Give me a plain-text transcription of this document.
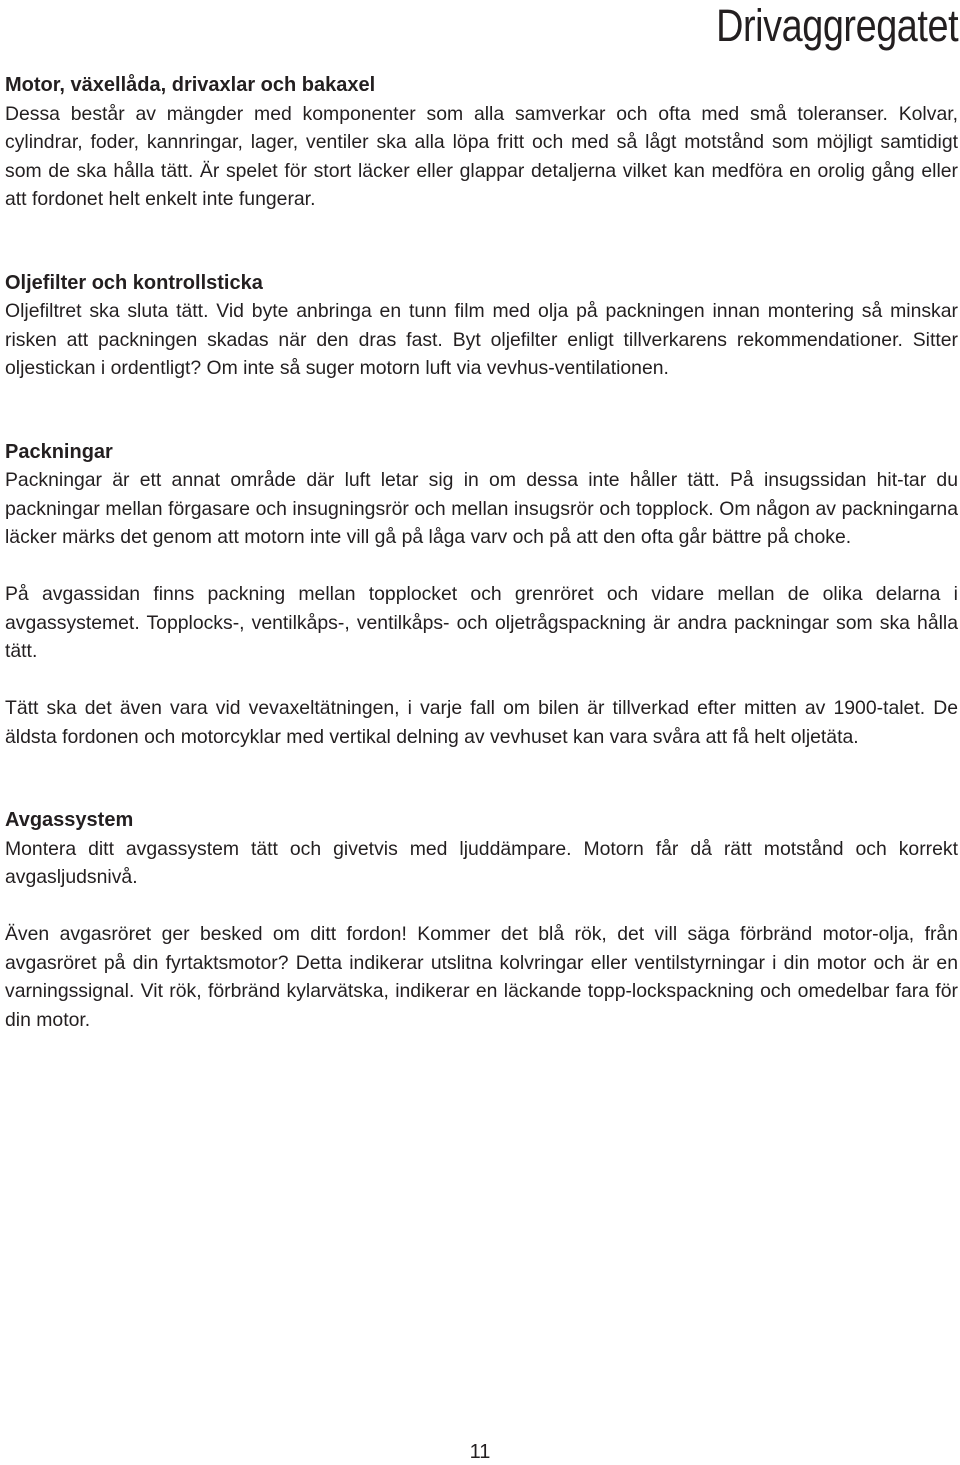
Drivaggregatet
Motor, växellåda, drivaxlar och bakaxel

Dessa består av mängder med komponenter som alla samverkar och ofta med små toleranser. Kolvar, cylindrar, foder, kannringar, lager, ventiler ska alla löpa fritt och med så lågt motstånd som möjligt samtidigt som de ska hålla tätt. Är spelet för stort läcker eller glappar detaljerna vilket kan medföra en orolig gång eller att fordonet helt enkelt inte fungerar.

Oljefilter och kontrollsticka

Oljefiltret ska sluta tätt. Vid byte anbringa en tunn film med olja på packningen innan montering så minskar risken att packningen skadas när den dras fast. Byt oljefilter enligt tillverkarens rekommendationer. Sitter oljestickan i ordentligt? Om inte så suger motorn luft via vevhus-ventilationen.

Packningar

Packningar är ett annat område där luft letar sig in om dessa inte håller tätt. På insugssidan hit-tar du packningar mellan förgasare och insugningsrör och mellan insugsrör och topplock. Om någon av packningarna läcker märks det genom att motorn inte vill gå på låga varv och på att den ofta går bättre på choke.

På avgassidan finns packning mellan topplocket och grenröret och vidare mellan de olika delarna i avgassystemet. Topplocks-, ventilkåps-, ventilkåps- och oljetrågspackning är andra packningar som ska hålla tätt.

Tätt ska det även vara vid vevaxeltätningen, i varje fall om bilen är tillverkad efter mitten av 1900-talet. De äldsta fordonen och motorcyklar med vertikal delning av vevhuset kan vara svåra att få helt oljetäta.

Avgassystem

Montera ditt avgassystem tätt och givetvis med ljuddämpare. Motorn får då rätt motstånd och korrekt avgasljudsnivå.

Även avgasröret ger besked om ditt fordon! Kommer det blå rök, det vill säga förbränd motor-olja, från avgasröret på din fyrtaktsmotor? Detta indikerar utslitna kolvringar eller ventilstyrningar i din motor och är en varningssignal. Vit rök, förbränd kylarvätska, indikerar en läckande topp-lockspackning och omedelbar fara för din motor.

11
